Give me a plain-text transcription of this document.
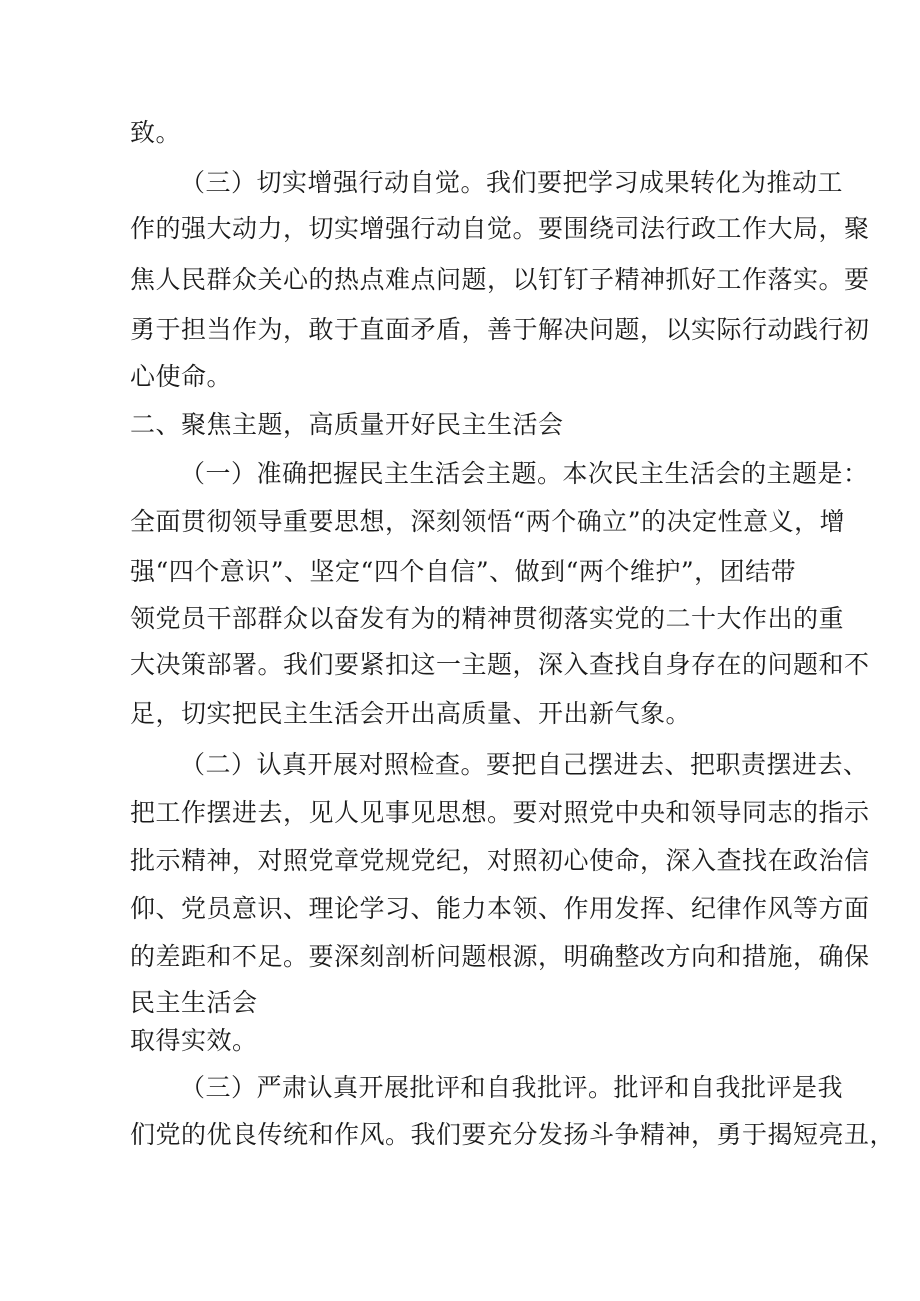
致。
（三）切实增强行动自觉。我们要把学习成果转化为推动工
作的强大动力，切实增强行动自觉。要围绕司法行政工作大局，聚
焦人民群众关心的热点难点问题，以钉钉子精神抓好工作落实。要
勇于担当作为，敢于直面矛盾，善于解决问题，以实际行动践行初
心使命。
二、聚焦主题，高质量开好民主生活会
（一）准确把握民主生活会主题。本次民主生活会的主题是：
全面贯彻领导重要思想，深刻领悟“两个确立”的决定性意义，增
强“四个意识”、坚定“四个自信”、做到“两个维护”，团结带
领党员干部群众以奋发有为的精神贯彻落实党的二十大作出的重
大决策部署。我们要紧扣这一主题，深入查找自身存在的问题和不
足，切实把民主生活会开出高质量、开出新气象。
（二）认真开展对照检查。要把自己摆进去、把职责摆进去、
把工作摆进去，见人见事见思想。要对照党中央和领导同志的指示
批示精神，对照党章党规党纪，对照初心使命，深入查找在政治信
仰、党员意识、理论学习、能力本领、作用发挥、纪律作风等方面
的差距和不足。要深刻剖析问题根源，明确整改方向和措施，确保
民主生活会
取得实效。
（三）严肃认真开展批评和自我批评。批评和自我批评是我
们党的优良传统和作风。我们要充分发扬斗争精神，勇于揭短亮丑，
